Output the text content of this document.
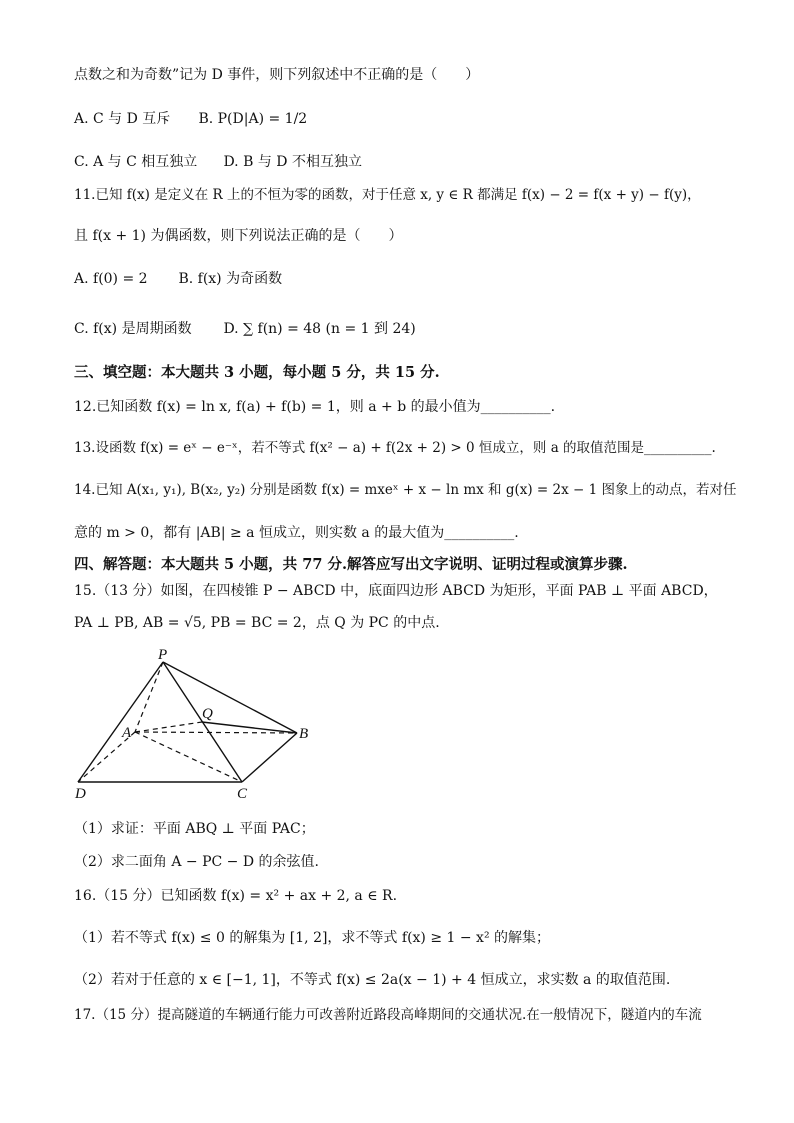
点数之和为奇数”记为 D 事件，则下列叙述中不正确的是（　　）
A. C 与 D 互斥 B. P(D|A) = 1/2
C. A 与 C 相互独立 D. B 与 D 不相互独立
11.已知 f(x) 是定义在 R 上的不恒为零的函数，对于任意 x, y ∈ R 都满足 f(x) − 2 = f(x + y) − f(y)，
且 f(x + 1) 为偶函数，则下列说法正确的是（　　）
A. f(0) = 2 B. f(x) 为奇函数
C. f(x) 是周期函数 D. ∑ f(n) = 48 (n = 1 到 24)
三、填空题：本大题共 3 小题，每小题 5 分，共 15 分.
12.已知函数 f(x) = ln x, f(a) + f(b) = 1，则 a + b 的最小值为__________.
13.设函数 f(x) = eˣ − e⁻ˣ，若不等式 f(x² − a) + f(2x + 2) > 0 恒成立，则 a 的取值范围是__________.
14.已知 A(x₁, y₁), B(x₂, y₂) 分别是函数 f(x) = mxeˣ + x − ln mx 和 g(x) = 2x − 1 图象上的动点，若对任
意的 m > 0，都有 |AB| ≥ a 恒成立，则实数 a 的最大值为__________.
四、解答题：本大题共 5 小题，共 77 分.解答应写出文字说明、证明过程或演算步骤.
15.（13 分）如图，在四棱锥 P − ABCD 中，底面四边形 ABCD 为矩形，平面 PAB ⊥ 平面 ABCD，
PA ⊥ PB, AB = √5, PB = BC = 2，点 Q 为 PC 的中点.
P
Q
A	B
C
D
（1）求证：平面 ABQ ⊥ 平面 PAC；
（2）求二面角 A − PC − D 的余弦值.
16.（15 分）已知函数 f(x) = x² + ax + 2, a ∈ R.
（1）若不等式 f(x) ≤ 0 的解集为 [1, 2]，求不等式 f(x) ≥ 1 − x² 的解集；
（2）若对于任意的 x ∈ [−1, 1]，不等式 f(x) ≤ 2a(x − 1) + 4 恒成立，求实数 a 的取值范围.
17.（15 分）提高隧道的车辆通行能力可改善附近路段高峰期间的交通状况.在一般情况下，隧道内的车流
